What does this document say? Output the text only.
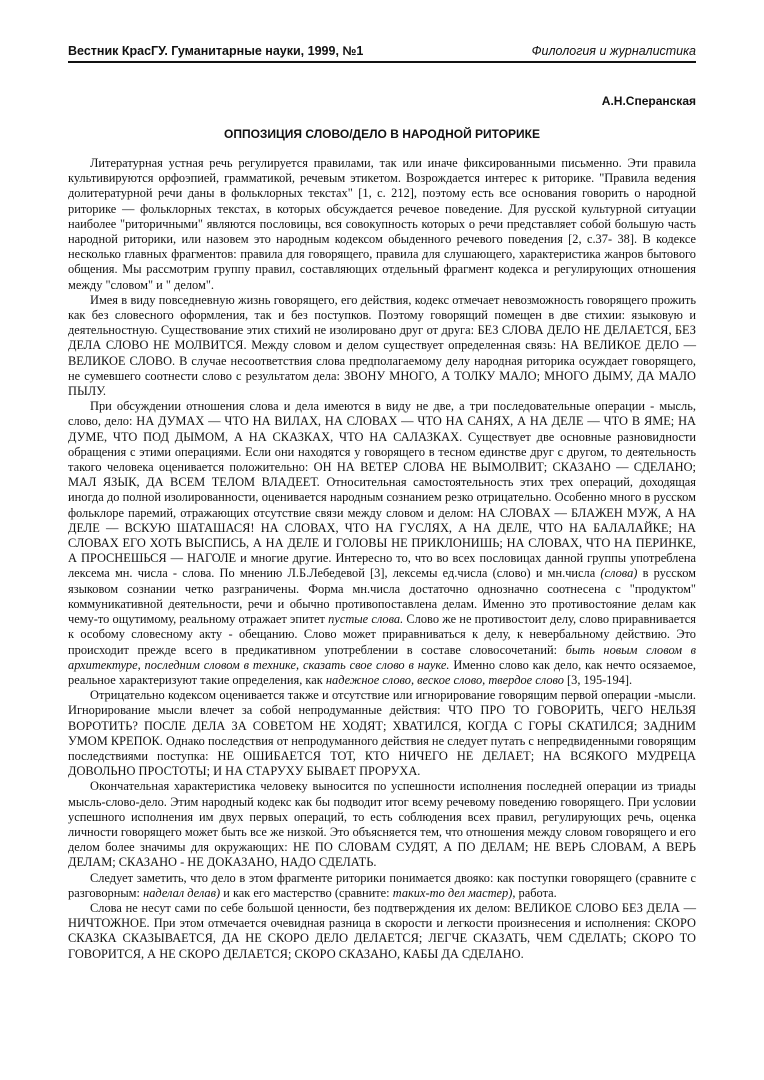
Вестник КрасГУ. Гуманитарные науки, 1999, №1	Филология и журналистика
А.Н.Сперанская
ОППОЗИЦИЯ СЛОВО/ДЕЛО В НАРОДНОЙ РИТОРИКЕ

Литературная устная речь регулируется правилами, так или иначе фиксированными письменно. Эти правила культивируются орфоэпией, грамматикой, речевым этикетом. Возрождается интерес к риторике. "Правила ведения долитературной речи даны в фольклорных текстах" [1, с. 212], поэтому есть все основания говорить о народной риторике — фольклорных текстах, в которых обсуждается речевое поведение. Для русской культурной ситуации наиболее "риторичными" являются пословицы, вся совокупность которых о речи представляет собой большую часть народной риторики, или назовем это народным кодексом обыденного речевого поведения [2, с.37- 38]. В кодексе несколько главных фрагментов: правила для говорящего, правила для слушающего, характеристика жанров бытового общения. Мы рассмотрим группу правил, составляющих отдельный фрагмент кодекса и регулирующих отношения между "словом" и " делом".

Имея в виду повседневную жизнь говорящего, его действия, кодекс отмечает невозможность говорящего прожить как без словесного оформления, так и без поступков. Поэтому говорящий помещен в две стихии: языковую и деятельностную. Существование этих стихий не изолировано друг от друга: БЕЗ СЛОВА ДЕЛО НЕ ДЕЛАЕТСЯ, БЕЗ ДЕЛА СЛОВО НЕ МОЛВИТСЯ. Между словом и делом существует определенная связь: НА ВЕЛИКОЕ ДЕЛО — ВЕЛИКОЕ СЛОВО. В случае несоответствия слова предполагаемому делу народная риторика осуждает говорящего, не сумевшего соотнести слово с результатом дела: ЗВОНУ МНОГО, А ТОЛКУ МАЛО; МНОГО ДЫМУ, ДА МАЛО ПЫЛУ.

При обсуждении отношения слова и дела имеются в виду не две, а три последовательные операции - мысль, слово, дело: НА ДУМАХ — ЧТО НА ВИЛАХ, НА СЛОВАХ — ЧТО НА САНЯХ, А НА ДЕЛЕ — ЧТО В ЯМЕ; НА ДУМЕ, ЧТО ПОД ДЫМОМ, А НА СКАЗКАХ, ЧТО НА САЛАЗКАХ. Существует две основные разновидности обращения с этими операциями. Если они находятся у говорящего в тесном единстве друг с другом, то деятельность такого человека оценивается положительно: ОН НА ВЕТЕР СЛОВА НЕ ВЫМОЛВИТ; СКАЗАНО — СДЕЛАНО; МАЛ ЯЗЫК, ДА ВСЕМ ТЕЛОМ ВЛАДЕЕТ. Относительная самостоятельность этих трех операций, доходящая иногда до полной изолированности, оценивается народным сознанием резко отрицательно. Особенно много в русском фольклоре паремий, отражающих отсутствие связи между словом и делом: НА СЛОВАХ — БЛАЖЕН МУЖ, А НА ДЕЛЕ — ВСКУЮ ШАТАШАСЯ! НА СЛОВАХ, ЧТО НА ГУСЛЯХ, А НА ДЕЛЕ, ЧТО НА БАЛАЛАЙКЕ; НА СЛОВАХ ЕГО ХОТЬ ВЫСПИСЬ, А НА ДЕЛЕ И ГОЛОВЫ НЕ ПРИКЛОНИШЬ; НА СЛОВАХ, ЧТО НА ПЕРИНКЕ, А ПРОСНЕШЬСЯ — НАГОЛЕ и многие другие. Интересно то, что во всех пословицах данной группы употреблена лексема мн. числа - слова. По мнению Л.Б.Лебедевой [3], лексемы ед.числа (слово) и мн.числа (слова) в русском языковом сознании четко разграничены. Форма мн.числа достаточно однозначно соотнесена с "продуктом" коммуникативной деятельности, речи и обычно противопоставлена делам. Именно это противостояние делам как чему-то ощутимому, реальному отражает эпитет пустые слова. Слово же не противостоит делу, слово приравнивается к особому словесному акту - обещанию. Слово может приравниваться к делу, к невербальному действию. Это происходит прежде всего в предикативном употреблении в составе словосочетаний: быть новым словом в архитектуре, последним словом в технике, сказать свое слово в науке. Именно слово как дело, как нечто осязаемое, реальное характеризуют такие определения, как надежное слово, веское слово, твердое слово [3, 195-194].

Отрицательно кодексом оценивается также и отсутствие или игнорирование говорящим первой операции -мысли. Игнорирование мысли влечет за собой непродуманные действия: ЧТО ПРО ТО ГОВОРИТЬ, ЧЕГО НЕЛЬЗЯ ВОРОТИТЬ? ПОСЛЕ ДЕЛА ЗА СОВЕТОМ НЕ ХОДЯТ; ХВАТИЛСЯ, КОГДА С ГОРЫ СКАТИЛСЯ; ЗАДНИМ УМОМ КРЕПОК. Однако последствия от непродуманного действия не следует путать с непредвиденными говорящим последствиями поступка: НЕ ОШИБАЕТСЯ ТОТ, КТО НИЧЕГО НЕ ДЕЛАЕТ; НА ВСЯКОГО МУДРЕЦА ДОВОЛЬНО ПРОСТОТЫ; И НА СТАРУХУ БЫВАЕТ ПРОРУХА.

Окончательная характеристика человеку выносится по успешности исполнения последней операции из триады мысль-слово-дело. Этим народный кодекс как бы подводит итог всему речевому поведению говорящего. При условии успешного исполнения им двух первых операций, то есть соблюдения всех правил, регулирующих речь, оценка личности говорящего может быть все же низкой. Это объясняется тем, что отношения между словом говорящего и его делом более значимы для окружающих: НЕ ПО СЛОВАМ СУДЯТ, А ПО ДЕЛАМ; НЕ ВЕРЬ СЛОВАМ, А ВЕРЬ ДЕЛАМ; СКАЗАНО - НЕ ДОКАЗАНО, НАДО СДЕЛАТЬ.

Следует заметить, что дело в этом фрагменте риторики понимается двояко: как поступки говорящего (сравните с разговорным: наделал делав) и как его мастерство (сравните: таких-то дел мастер), работа.

Слова не несут сами по себе большой ценности, без подтверждения их делом: ВЕЛИКОЕ СЛОВО БЕЗ ДЕЛА — НИЧТОЖНОЕ. При этом отмечается очевидная разница в скорости и легкости произнесения и исполнения: СКОРО СКАЗКА СКАЗЫВАЕТСЯ, ДА НЕ СКОРО ДЕЛО ДЕЛАЕТСЯ; ЛЕГЧЕ СКАЗАТЬ, ЧЕМ СДЕЛАТЬ; СКОРО ТО ГОВОРИТСЯ, А НЕ СКОРО ДЕЛАЕТСЯ; СКОРО СКАЗАНО, КАБЫ ДА СДЕЛАНО.
